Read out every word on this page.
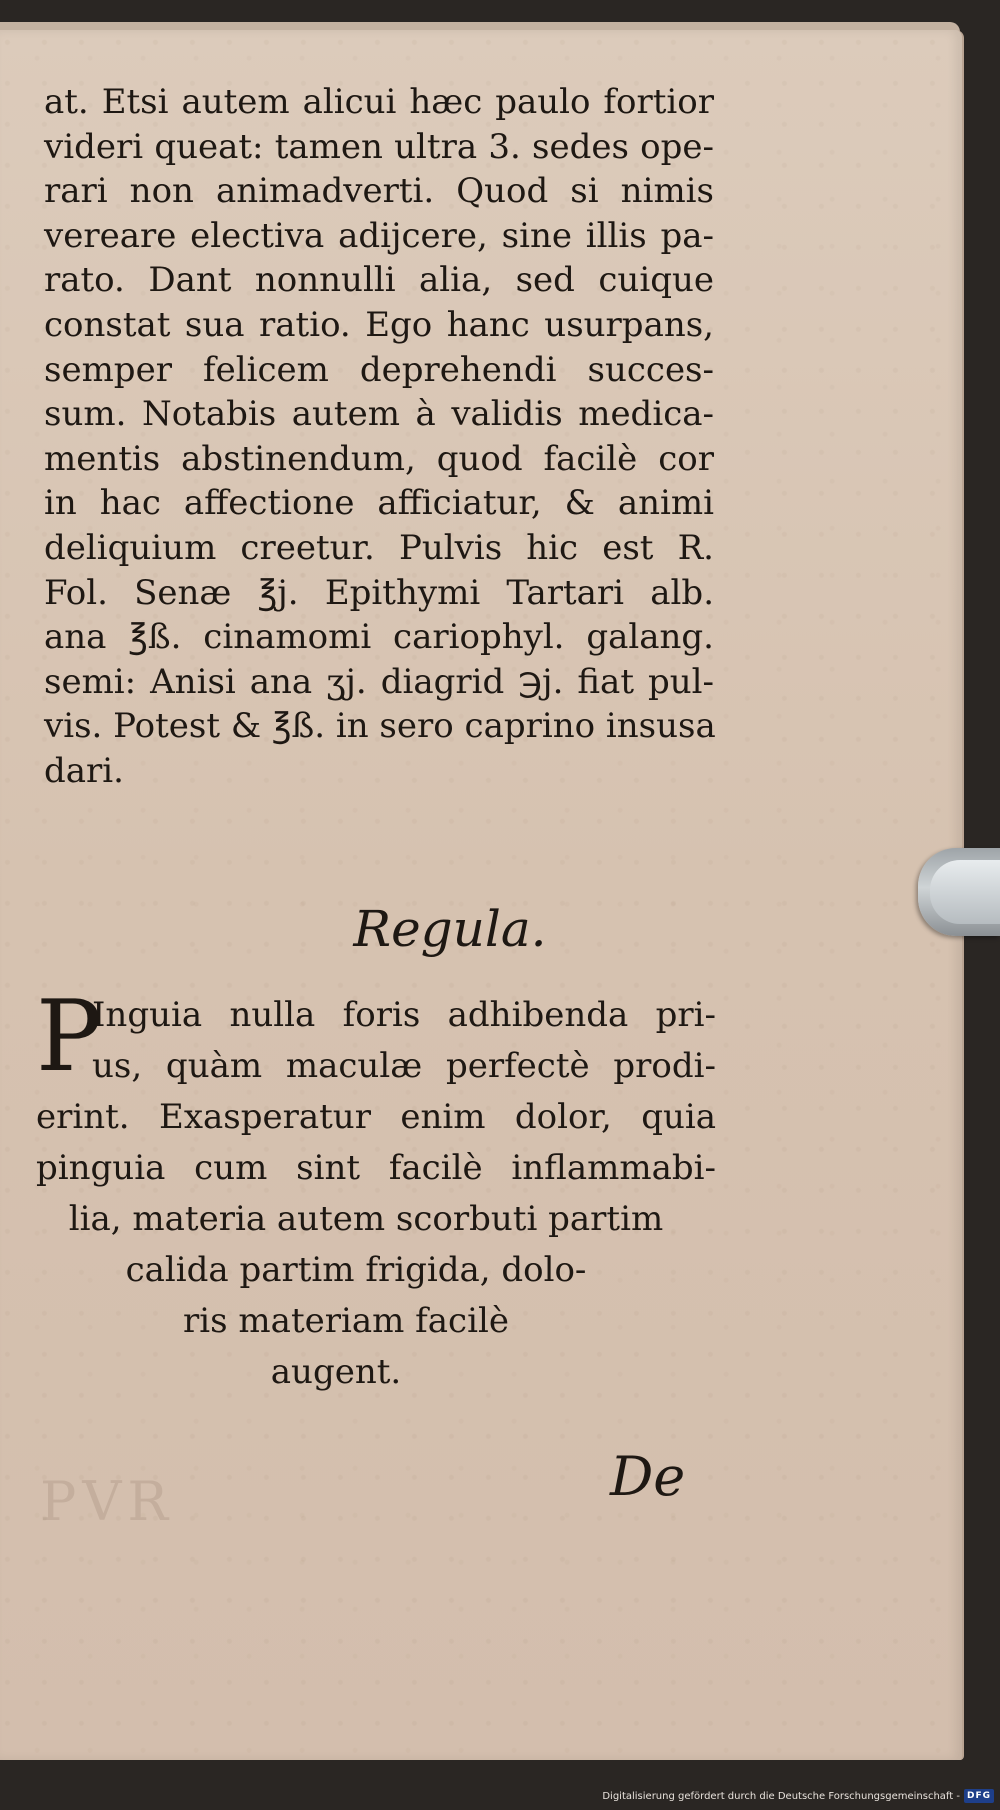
at. Etsi autem alicui hæc paulo fortior
videri queat: tamen ultra 3. sedes ope-
rari non animadverti. Quod si nimis
vereare electiva adijcere, sine illis pa-
rato. Dant nonnulli alia, sed cuique
constat sua ratio. Ego hanc usurpans,
semper felicem deprehendi succes-
sum. Notabis autem à validis medica-
mentis abstinendum, quod facilè cor
in hac affectione afficiatur, & animi
deliquium creetur. Pulvis hic est R.
Fol. Senæ ℥j. Epithymi Tartari alb.
ana ℥ß. cinamomi cariophyl. galang.
semi: Anisi ana ʒj. diagrid ℈j. fiat pul-
vis. Potest & ℥ß. in sero caprino insusa
dari.
Regula.
P
Inguia nulla foris adhibenda pri-
us, quàm maculæ perfectè prodi-
erint. Exasperatur enim dolor, quia
pinguia cum sint facilè inflammabi-
lia, materia autem scorbuti partim
calida partim frigida, dolo-
ris materiam facilè
augent.
PVR	De
Digitalisierung gefördert durch die Deutsche Forschungsgemeinschaft - DFG
